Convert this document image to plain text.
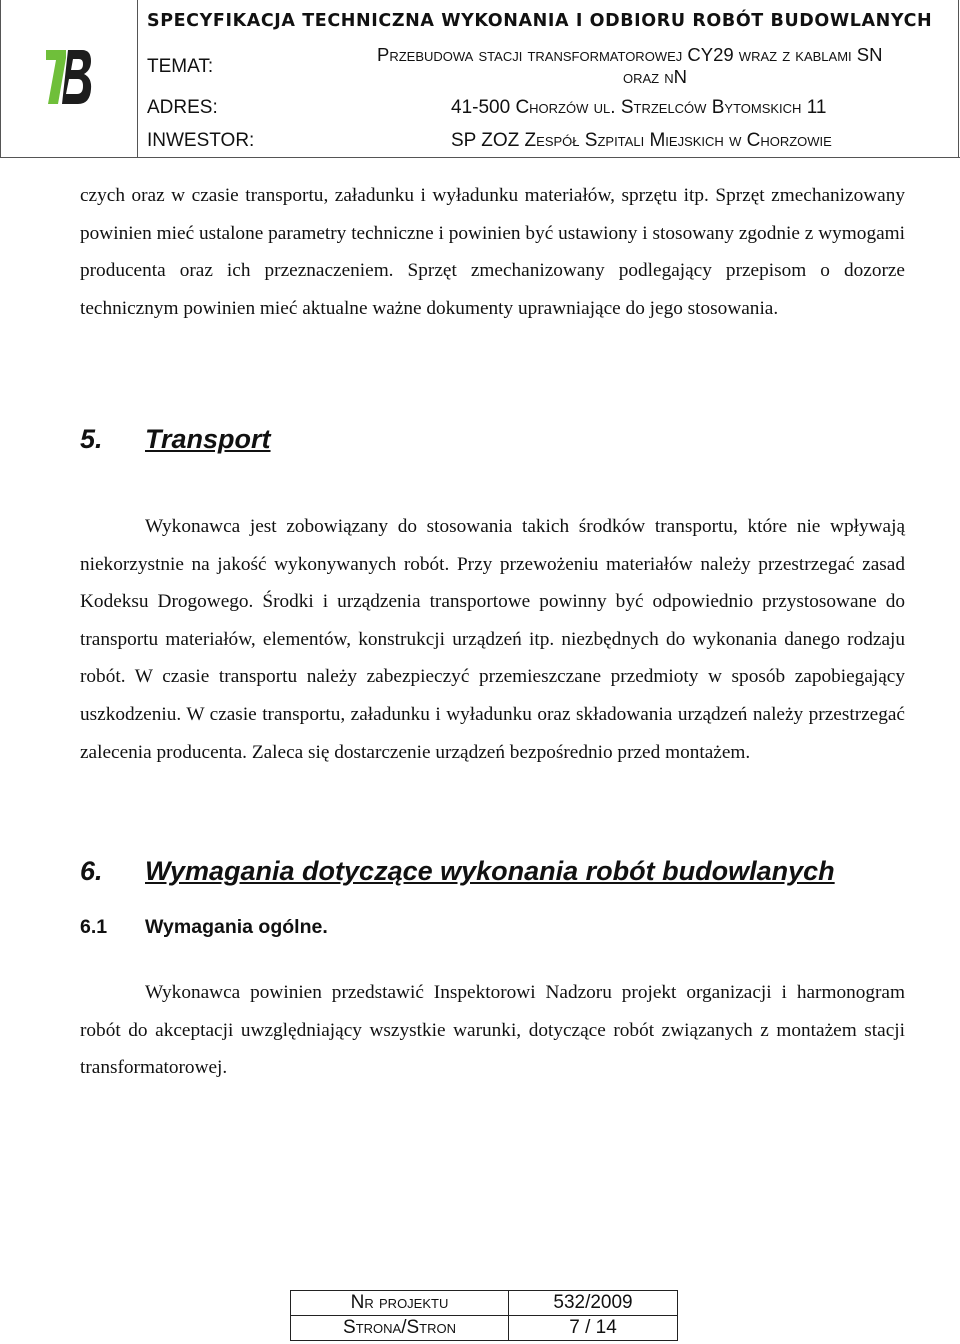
SPECYFIKACJA TECHNICZNA WYKONANIA I ODBIORU ROBÓT BUDOWLANYCH
TEMAT:
Przebudowa stacji transformatorowej CY29 wraz z kablami SN
oraz nN
ADRES:	41-500 Chorzów ul. Strzelców Bytomskich 11
INWESTOR:	SP ZOZ Zespół Szpitali Miejskich w Chorzowie

czych oraz w czasie transportu, załadunku i wyładunku materiałów, sprzętu itp. Sprzęt zmechanizowany powinien mieć ustalone parametry techniczne i powinien być ustawiony i stosowany zgodnie z wymogami producenta oraz ich przeznaczeniem. Sprzęt zmechanizowany podlegający przepisom o dozorze technicznym powinien mieć aktualne ważne dokumenty uprawniające do jego stosowania.

5. Transport

Wykonawca jest zobowiązany do stosowania takich środków transportu, które nie wpływają niekorzystnie na jakość wykonywanych robót. Przy przewożeniu materiałów należy przestrzegać zasad Kodeksu Drogowego. Środki i urządzenia transportowe powinny być odpowiednio przystosowane do transportu materiałów, elementów, konstrukcji urządzeń itp. niezbędnych do wykonania danego rodzaju robót. W czasie transportu należy zabezpieczyć przemieszczane przedmioty w sposób zapobiegający uszkodzeniu. W czasie transportu, załadunku i wyładunku oraz składowania urządzeń należy przestrzegać zalecenia producenta. Zaleca się dostarczenie urządzeń bezpośrednio przed montażem.

6. Wymagania dotyczące wykonania robót budowlanych
6.1 Wymagania ogólne.

Wykonawca powinien przedstawić Inspektorowi Nadzoru projekt organizacji i harmonogram robót do akceptacji uwzględniający wszystkie warunki, dotyczące robót związanych z montażem stacji transformatorowej.

Nr projektu	532/2009
Strona/Stron	7 / 14
